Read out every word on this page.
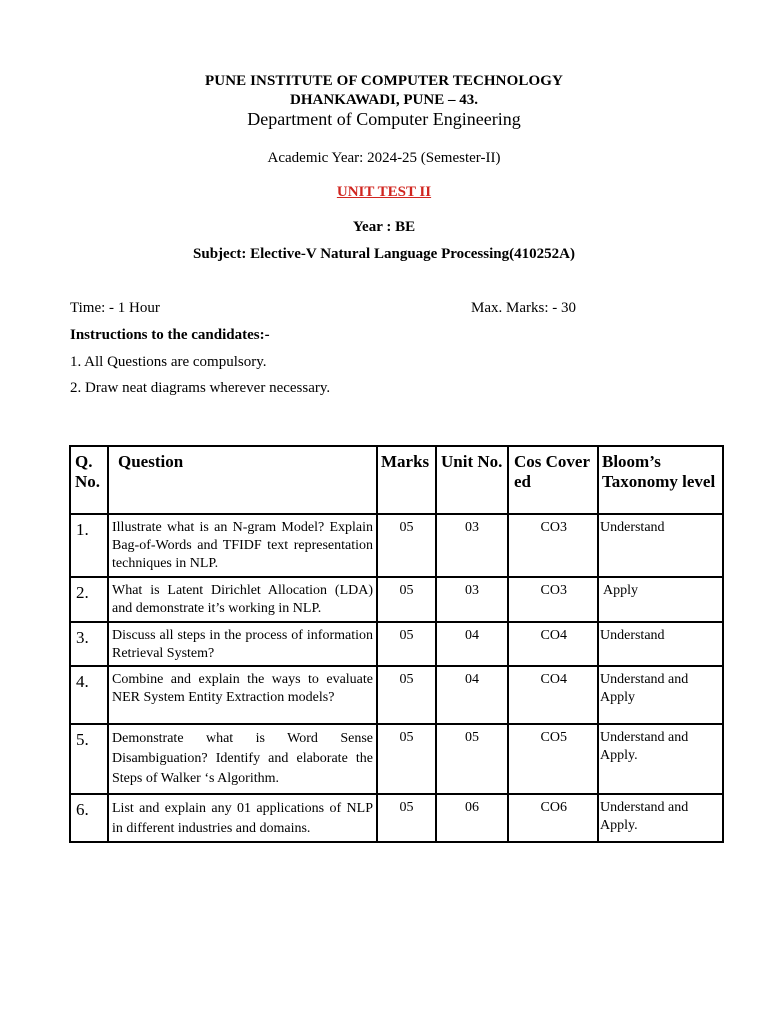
PUNE INSTITUTE OF COMPUTER TECHNOLOGY
DHANKAWADI, PUNE – 43.
Department of Computer Engineering
Academic Year: 2024-25 (Semester-II)
UNIT TEST II
Year : BE
Subject: Elective-V Natural Language Processing(410252A)
Time: - 1 Hour	Max. Marks: - 30
Instructions to the candidates:-
1. All Questions are compulsory.
2. Draw neat diagrams wherever necessary.
Q. No.	Question	Marks	Unit No.	Cos Covered	Bloom’s Taxonomy level
1.	Illustrate what is an N-gram Model? Explain Bag-of-Words and TFIDF text representation techniques in NLP.	05	03	CO3	Understand
2.	What is Latent Dirichlet Allocation (LDA) and demonstrate it’s working in NLP.	05	03	CO3	Apply
3.	Discuss all steps in the process of information Retrieval System?	05	04	CO4	Understand
4.	Combine and explain the ways to evaluate NER System Entity Extraction models?	05	04	CO4	Understand and Apply
5.	Demonstrate what is Word Sense Disambiguation? Identify and elaborate the Steps of Walker ‘s Algorithm.	05	05	CO5	Understand and Apply.
6.	List and explain any 01 applications of NLP in different industries and domains.	05	06	CO6	Understand and Apply.
